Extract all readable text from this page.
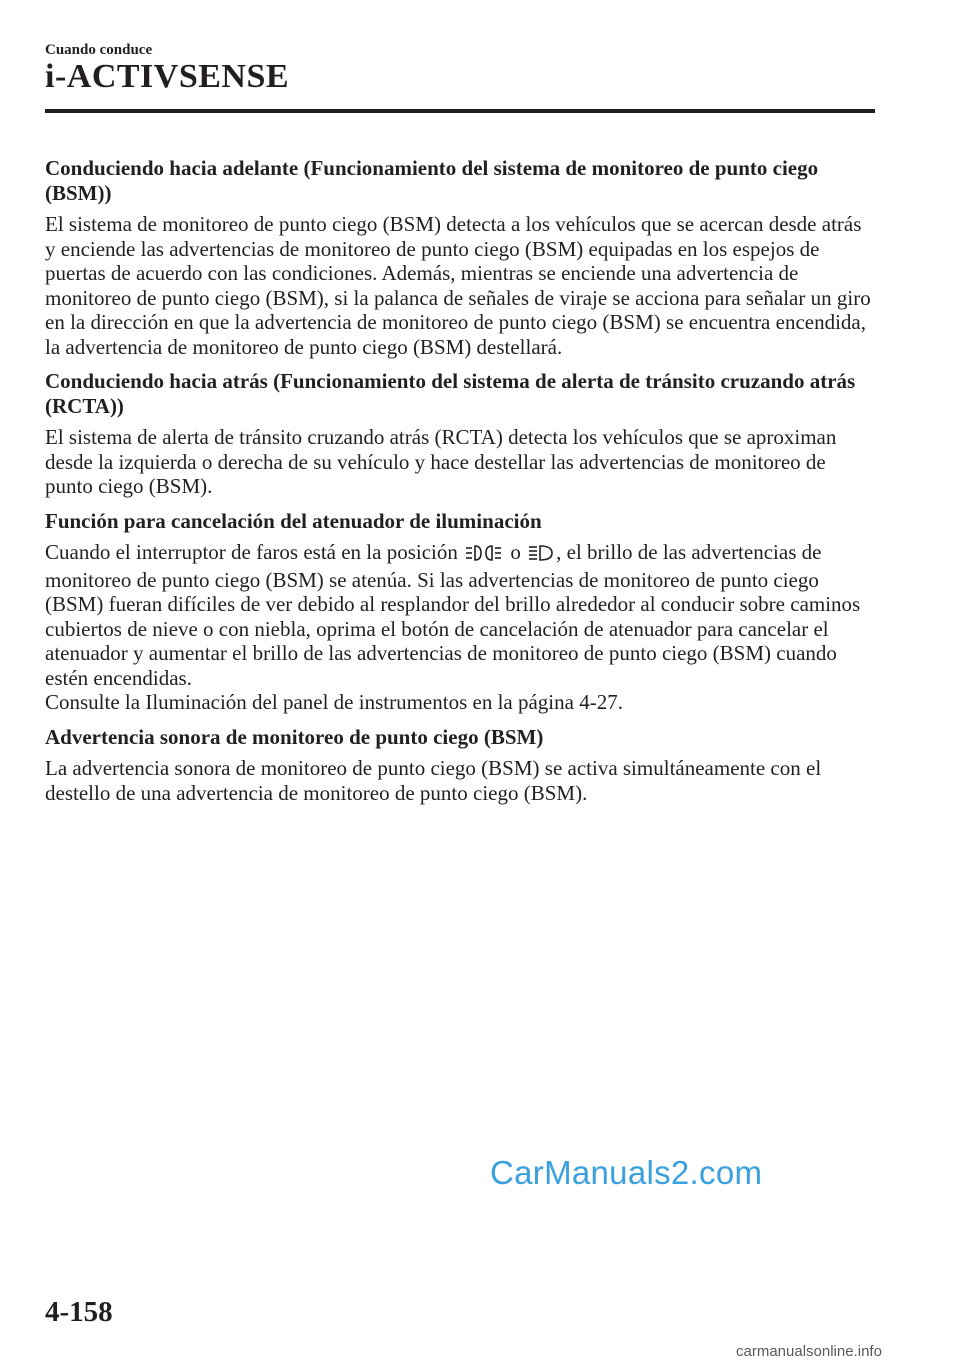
Cuando conduce
i-ACTIVSENSE
Conduciendo hacia adelante (Funcionamiento del sistema de monitoreo de punto ciego (BSM))

El sistema de monitoreo de punto ciego (BSM) detecta a los vehículos que se acercan desde atrás y enciende las advertencias de monitoreo de punto ciego (BSM) equipadas en los espejos de puertas de acuerdo con las condiciones. Además, mientras se enciende una advertencia de monitoreo de punto ciego (BSM), si la palanca de señales de viraje se acciona para señalar un giro en la dirección en que la advertencia de monitoreo de punto ciego (BSM) se encuentra encendida, la advertencia de monitoreo de punto ciego (BSM) destellará.

Conduciendo hacia atrás (Funcionamiento del sistema de alerta de tránsito cruzando atrás (RCTA))

El sistema de alerta de tránsito cruzando atrás (RCTA) detecta los vehículos que se aproximan desde la izquierda o derecha de su vehículo y hace destellar las advertencias de monitoreo de punto ciego (BSM).

Función para cancelación del atenuador de iluminación

Cuando el interruptor de faros está en la posición	o , el brillo de las advertencias de monitoreo de punto ciego (BSM) se atenúa. Si las advertencias de monitoreo de punto ciego (BSM) fueran difíciles de ver debido al resplandor del brillo alrededor al conducir sobre caminos cubiertos de nieve o con niebla, oprima el botón de cancelación de atenuador para cancelar el atenuador y aumentar el brillo de las advertencias de monitoreo de punto ciego (BSM) cuando estén encendidas.

Consulte la Iluminación del panel de instrumentos en la página 4-27.

Advertencia sonora de monitoreo de punto ciego (BSM)

La advertencia sonora de monitoreo de punto ciego (BSM) se activa simultáneamente con el destello de una advertencia de monitoreo de punto ciego (BSM).

CarManuals2.com
4-158
carmanualsonline.info
